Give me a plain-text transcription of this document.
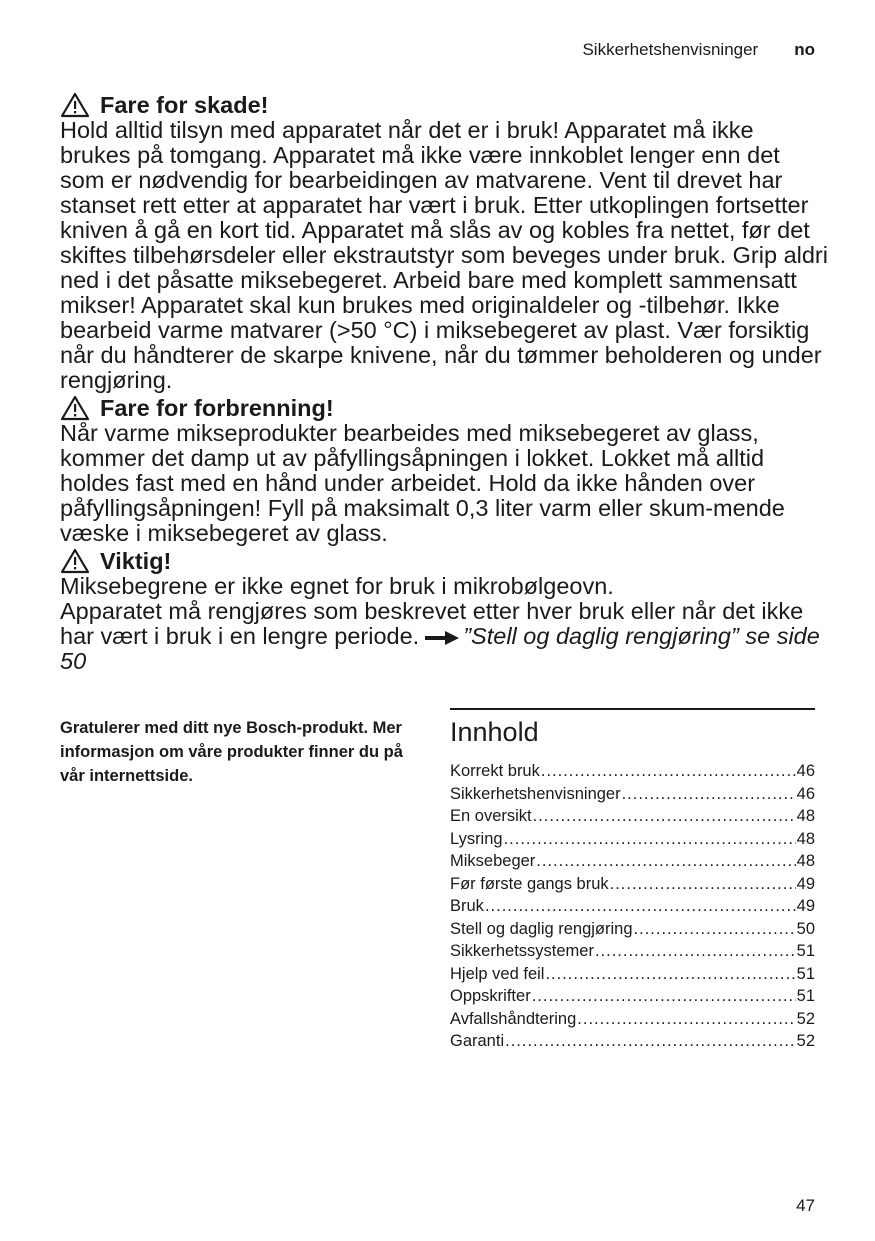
Sikkerhetshenvisninger no
Fare for skade!

Hold alltid tilsyn med apparatet når det er i bruk! Apparatet må ikke brukes på tomgang. Apparatet må ikke være innkoblet lenger enn det som er nødvendig for bearbeidingen av matvarene. Vent til drevet har stanset rett etter at apparatet har vært i bruk. Etter utkoplingen fortsetter kniven å gå en kort tid. Apparatet må slås av og kobles fra nettet, før det skiftes tilbehørsdeler eller ekstrautstyr som beveges under bruk. Grip aldri ned i det påsatte miksebegeret. Arbeid bare med komplett sammensatt mikser! Apparatet skal kun brukes med originaldeler og -tilbehør. Ikke bearbeid varme matvarer (>50 °C) i miksebegeret av plast. Vær forsiktig når du håndterer de skarpe knivene, når du tømmer beholderen og under rengjøring.

Fare for forbrenning!

Når varme mikseprodukter bearbeides med miksebegeret av glass, kommer det damp ut av påfyllingsåpningen i lokket. Lokket må alltid holdes fast med en hånd under arbeidet. Hold da ikke hånden over påfyllingsåpningen! Fyll på maksimalt 0,3 liter varm eller skum-mende væske i miksebegeret av glass.

Viktig!

Miksebegrene er ikke egnet for bruk i mikrobølgeovn.

Apparatet må rengjøres som beskrevet etter hver bruk eller når det ikke har vært i bruk i en lengre periode. ”Stell og daglig rengjøring” se side 50

Gratulerer med ditt nye Bosch-produkt. Mer informasjon om våre produkter finner du på vår internettside.
Innhold
Korrekt bruk .....	46
Sikkerhetshenvisninger .....	46
En oversikt .....	48
Lysring .....	48
Miksebeger .....	48
Før første gangs bruk .....	49
Bruk .....	49
Stell og daglig rengjøring .....	50
Sikkerhetssystemer .....	51
Hjelp ved feil .....	51
Oppskrifter .....	51
Avfallshåndtering .....	52
Garanti .....	52
47
